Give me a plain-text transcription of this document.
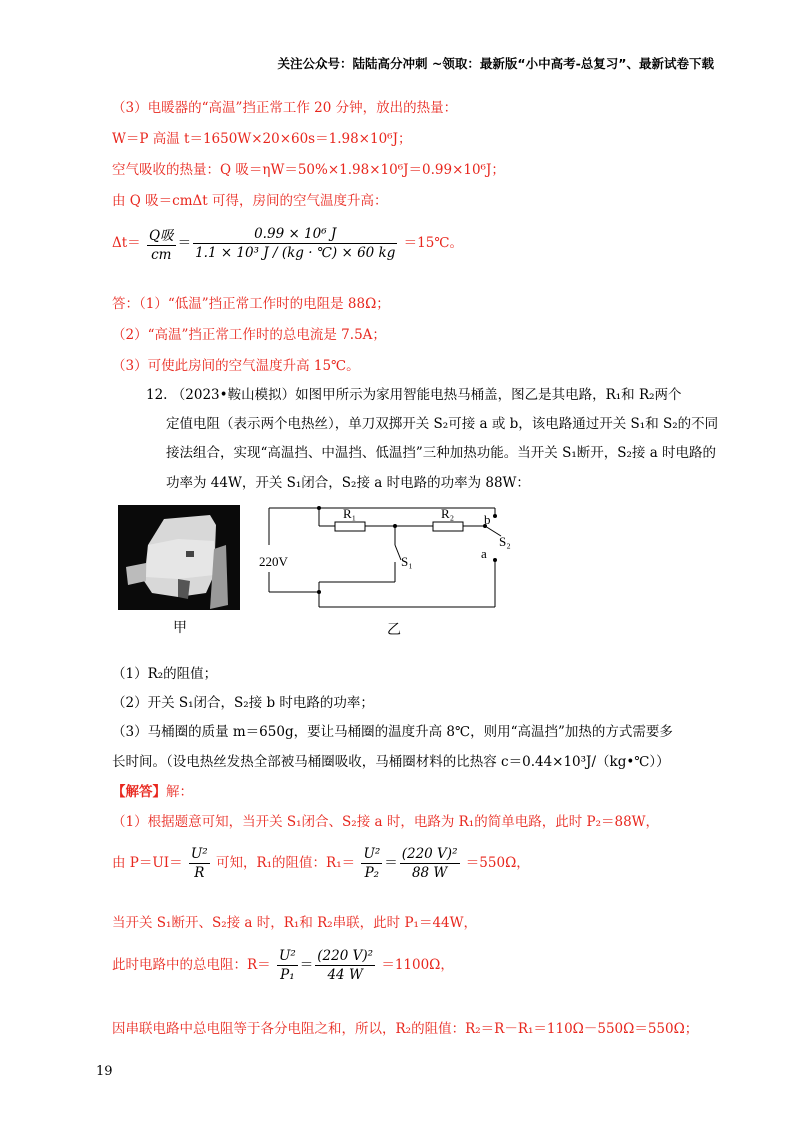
关注公众号：陆陆高分冲刺 ~领取：最新版“小中高考-总复习”、最新试卷下载
（3）电暖器的“高温”挡正常工作 20 分钟，放出的热量：
W＝P 高温 t＝1650W×20×60s＝1.98×10⁶J；
空气吸收的热量：Q 吸＝ηW＝50%×1.98×10⁶J＝0.99×10⁶J；
由 Q 吸＝cmΔt 可得，房间的空气温度升高：
$\Delta t= \frac{\text{Q吸}}{cm} = \frac{\text{0.99 × 10⁶ J}}{\text{1.1 × 10³ J / (kg · ℃) × 60 kg}}$ ＝15℃。
答：（1）“低温”挡正常工作时的电阻是 88Ω；
（2）“高温”挡正常工作时的总电流是 7.5A；
（3）可使此房间的空气温度升高 15℃。
12. （2023•鞍山模拟）如图甲所示为家用智能电热马桶盖，图乙是其电路，R₁和 R₂两个
定值电阻（表示两个电热丝），单刀双掷开关 S₂可接 a 或 b，该电路通过开关 S₁和 S₂的不同
接法组合，实现“高温挡、中温挡、低温挡”三种加热功能。当开关 S₁断开，S₂接 a 时电路的
功率为 44W，开关 S₁闭合，S₂接 a 时电路的功率为 88W：
甲
220V
R₁	R₂
S₁
S₂
b
a
乙
（1）R₂的阻值；
（2）开关 S₁闭合，S₂接 b 时电路的功率；
（3）马桶圈的质量 m＝650g，要让马桶圈的温度升高 8℃，则用“高温挡”加热的方式需要多
长时间。（设电热丝发热全部被马桶圈吸收，马桶圈材料的比热容 c＝0.44×10³J/（kg•℃））
【解答】解：
（1）根据题意可知，当开关 S₁闭合、S₂接 a 时，电路为 R₁的简单电路，此时 P₂＝88W，
由 $P=UI= \frac{\text{U²}}{R}$ 可知，R₁的阻值：$R_1= \frac{\text{U²}}{\text{P₂}} = \frac{\text{(220 V)²}}{88 W} =550\Omega$，
当开关 S₁断开、S₂接 a 时，R₁和 R₂串联，此时 P₁＝44W，
此时电路中的总电阻：$R= \frac{\text{U²}}{\text{P₁}} = \frac{\text{(220 V)²}}{44 W} =1100\Omega$，
因串联电路中总电阻等于各分电阻之和，所以，R₂的阻值：R₂＝R－R₁＝110Ω－550Ω＝550Ω；
19
